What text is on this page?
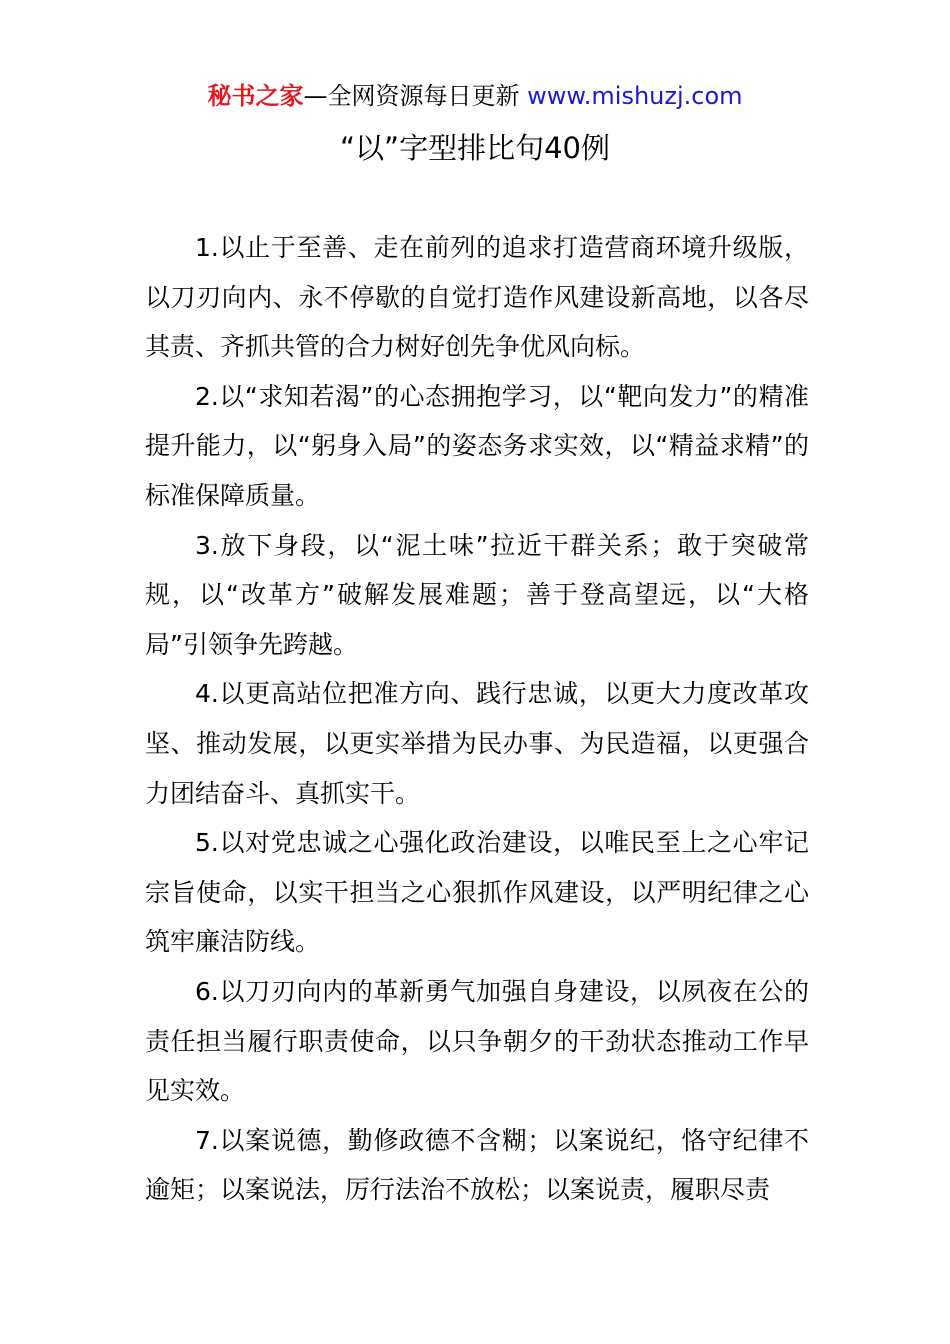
秘书之家—全网资源每日更新 www.mishuzj.com
“以”字型排比句40例

1.以止于至善、走在前列的追求打造营商环境升级版，以刀刃向内、永不停歇的自觉打造作风建设新高地，以各尽其责、齐抓共管的合力树好创先争优风向标。

2.以“求知若渴”的心态拥抱学习，以“靶向发力”的精准提升能力，以“躬身入局”的姿态务求实效，以“精益求精”的标准保障质量。

3.放下身段，以“泥土味”拉近干群关系；敢于突破常规，以“改革方”破解发展难题；善于登高望远，以“大格局”引领争先跨越。

4.以更高站位把准方向、践行忠诚，以更大力度改革攻坚、推动发展，以更实举措为民办事、为民造福，以更强合力团结奋斗、真抓实干。

5.以对党忠诚之心强化政治建设，以唯民至上之心牢记宗旨使命，以实干担当之心狠抓作风建设，以严明纪律之心筑牢廉洁防线。

6.以刀刃向内的革新勇气加强自身建设，以夙夜在公的责任担当履行职责使命，以只争朝夕的干劲状态推动工作早见实效。

7.以案说德，勤修政德不含糊；以案说纪，恪守纪律不逾矩；以案说法，厉行法治不放松；以案说责，履职尽责
